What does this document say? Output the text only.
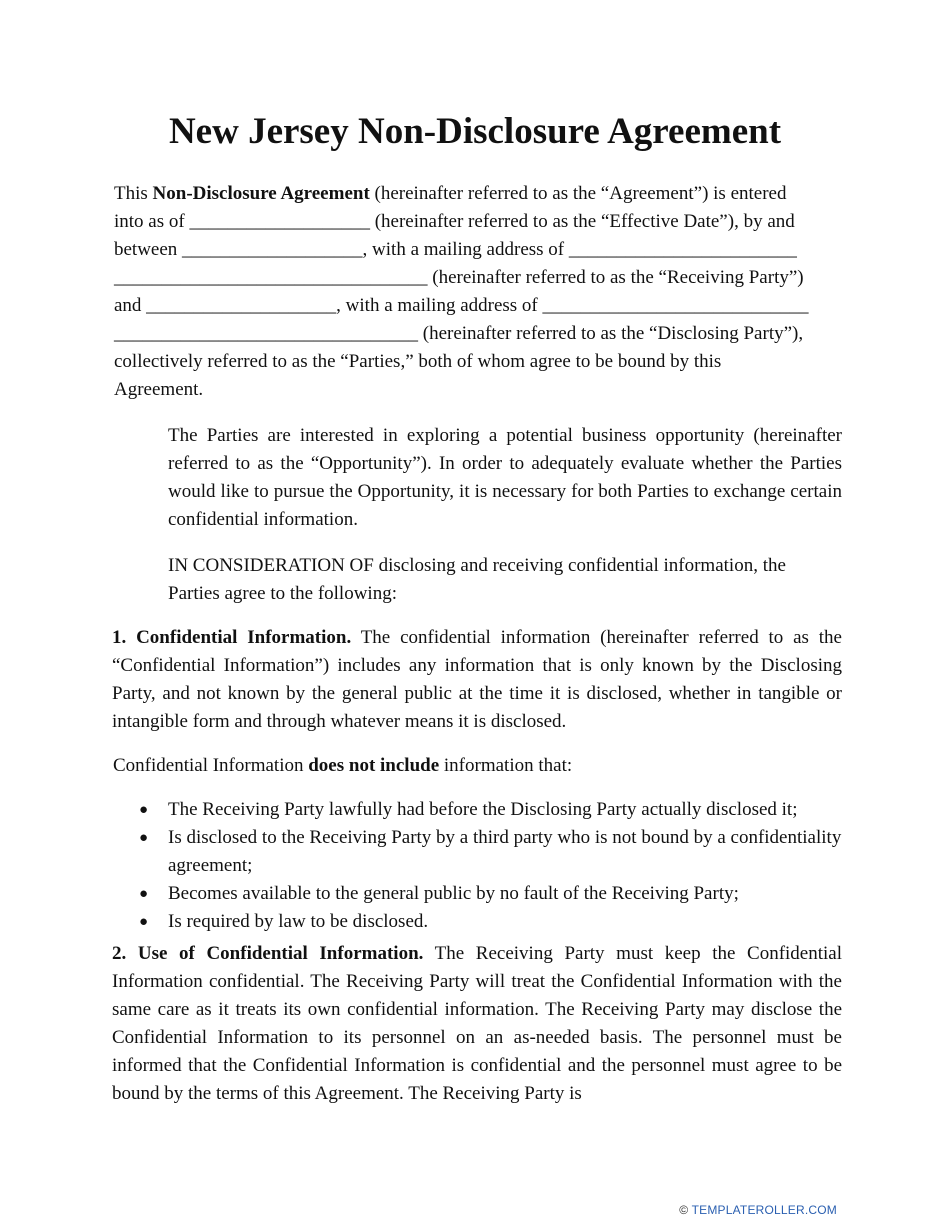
New Jersey Non-Disclosure Agreement

This Non-Disclosure Agreement (hereinafter referred to as the “Agreement”) is entered
into as of ___________________ (hereinafter referred to as the “Effective Date”), by and
between ___________________, with a mailing address of ________________________
_________________________________ (hereinafter referred to as the “Receiving Party”)
and ____________________, with a mailing address of ____________________________
________________________________ (hereinafter referred to as the “Disclosing Party”),
collectively referred to as the “Parties,” both of whom agree to be bound by this
Agreement.

The Parties are interested in exploring a potential business opportunity (hereinafter referred to as the “Opportunity”). In order to adequately evaluate whether the Parties would like to pursue the Opportunity, it is necessary for both Parties to exchange certain confidential information.

IN CONSIDERATION OF disclosing and receiving confidential information, the Parties agree to the following:

1. Confidential Information. The confidential information (hereinafter referred to as the “Confidential Information”) includes any information that is only known by the Disclosing Party, and not known by the general public at the time it is disclosed, whether in tangible or intangible form and through whatever means it is disclosed.

Confidential Information does not include information that:

● The Receiving Party lawfully had before the Disclosing Party actually disclosed it;
● Is disclosed to the Receiving Party by a third party who is not bound by a confidentiality agreement;
● Becomes available to the general public by no fault of the Receiving Party;
● Is required by law to be disclosed.

2. Use of Confidential Information. The Receiving Party must keep the Confidential Information confidential. The Receiving Party will treat the Confidential Information with the same care as it treats its own confidential information. The Receiving Party may disclose the Confidential Information to its personnel on an as-needed basis. The personnel must be informed that the Confidential Information is confidential and the personnel must agree to be bound by the terms of this Agreement. The Receiving Party is

© TEMPLATEROLLER.COM
